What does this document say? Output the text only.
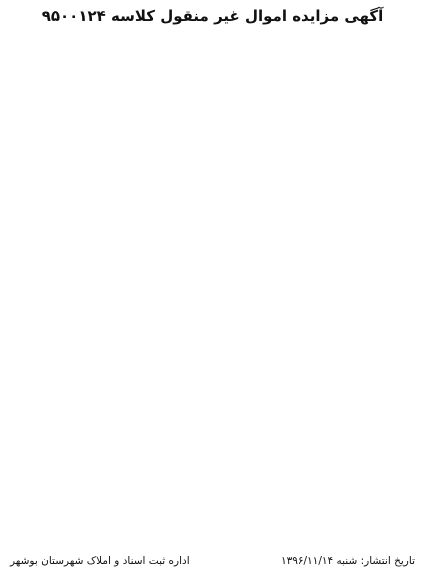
آگهی مزایده اموال غیر منقول کلاسه ۹۵۰۰۱۲۴

تاریخ انتشار: شنبه ۱۳۹۶/۱۱/۱۴
اداره ثبت اسناد و املاک شهرستان بوشهر
